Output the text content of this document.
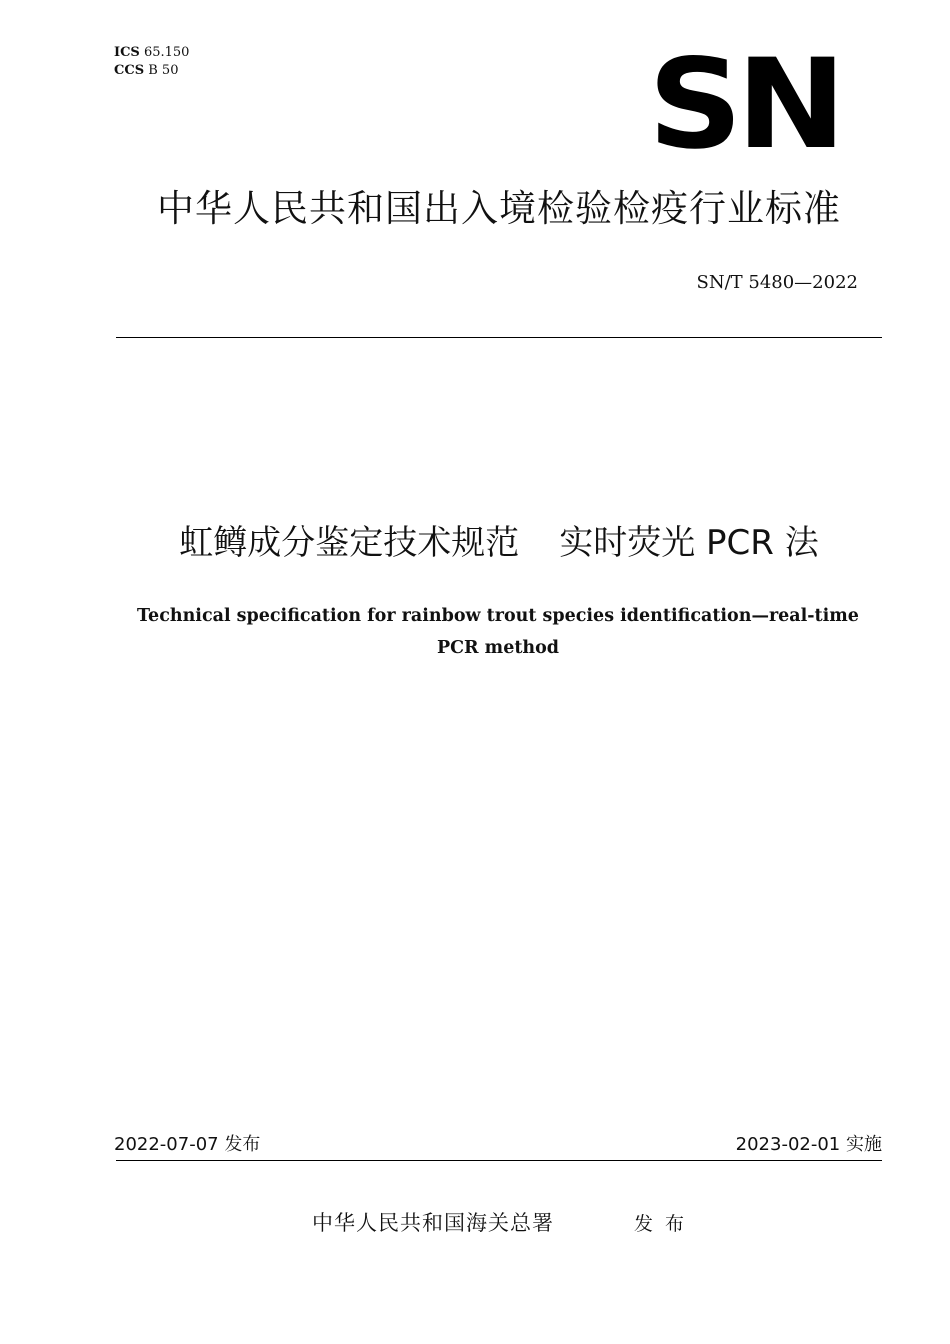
ICS 65.150
CCS B 50	SN
中华人民共和国出入境检验检疫行业标准
SN/T 5480—2022
虹鳟成分鉴定技术规范 实时荧光 PCR 法
Technical specification for rainbow trout species identification—real-time PCR method
2022-07-07 发布	2023-02-01 实施
中华人民共和国海关总署	发布
